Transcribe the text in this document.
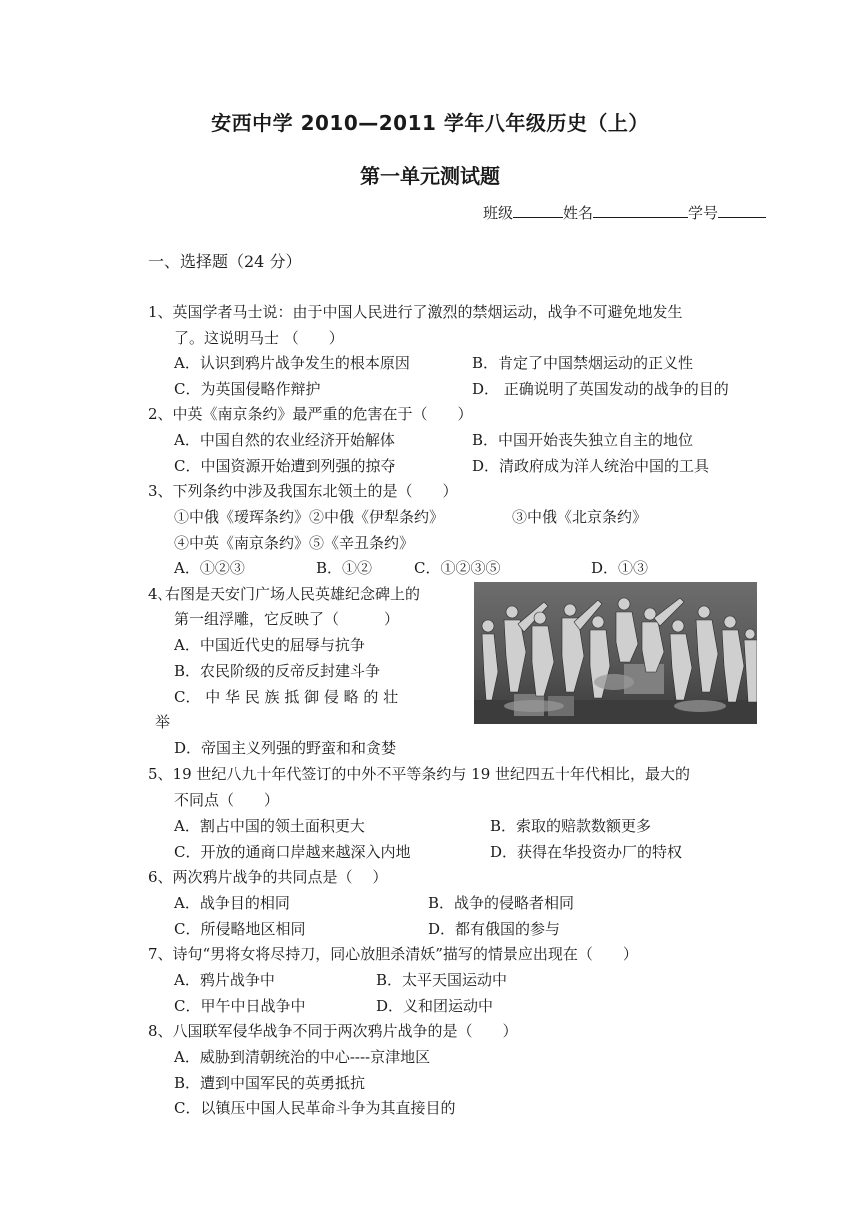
安西中学 2010—2011 学年八年级历史（上）
第一单元测试题
班级	姓名	学号
一、选择题（24 分）
1、英国学者马士说：由于中国人民进行了激烈的禁烟运动，战争不可避免地发生
了。这说明马士 （　　）
A．认识到鸦片战争发生的根本原因	B．肯定了中国禁烟运动的正义性
C．为英国侵略作辩护	D． 正确说明了英国发动的战争的目的
2、中英《南京条约》最严重的危害在于（　　）
A．中国自然的农业经济开始解体	B．中国开始丧失独立自主的地位
C．中国资源开始遭到列强的掠夺	D．清政府成为洋人统治中国的工具
3、下列条约中涉及我国东北领土的是（　　）
①中俄《瑷珲条约》②中俄《伊犁条约》	③中俄《北京条约》
④中英《南京条约》⑤《辛丑条约》
A．①②③	B．①②	C．①②③⑤	D．①③
4､右图是天安门广场人民英雄纪念碑上的
第一组浮雕，它反映了（　　　）
A．中国近代史的屈辱与抗争
B．农民阶级的反帝反封建斗争
C． 中 华 民 族 抵 御 侵 略 的 壮
举
D．帝国主义列强的野蛮和和贪婪
5、19 世纪八九十年代签订的中外不平等条约与 19 世纪四五十年代相比，最大的
不同点（　　）
A．割占中国的领土面积更大	B．索取的赔款数额更多
C．开放的通商口岸越来越深入内地	D．获得在华投资办厂的特权
6、两次鸦片战争的共同点是（　 ）
A．战争目的相同	B．战争的侵略者相同
C．所侵略地区相同	D．都有俄国的参与
7、诗句“男将女将尽持刀，同心放胆杀清妖”描写的情景应出现在（　　）
A．鸦片战争中	B．太平天国运动中
C．甲午中日战争中	D．义和团运动中
8、八国联军侵华战争不同于两次鸦片战争的是（　　）
A．威胁到清朝统治的中心----京津地区
B．遭到中国军民的英勇抵抗
C．以镇压中国人民革命斗争为其直接目的
